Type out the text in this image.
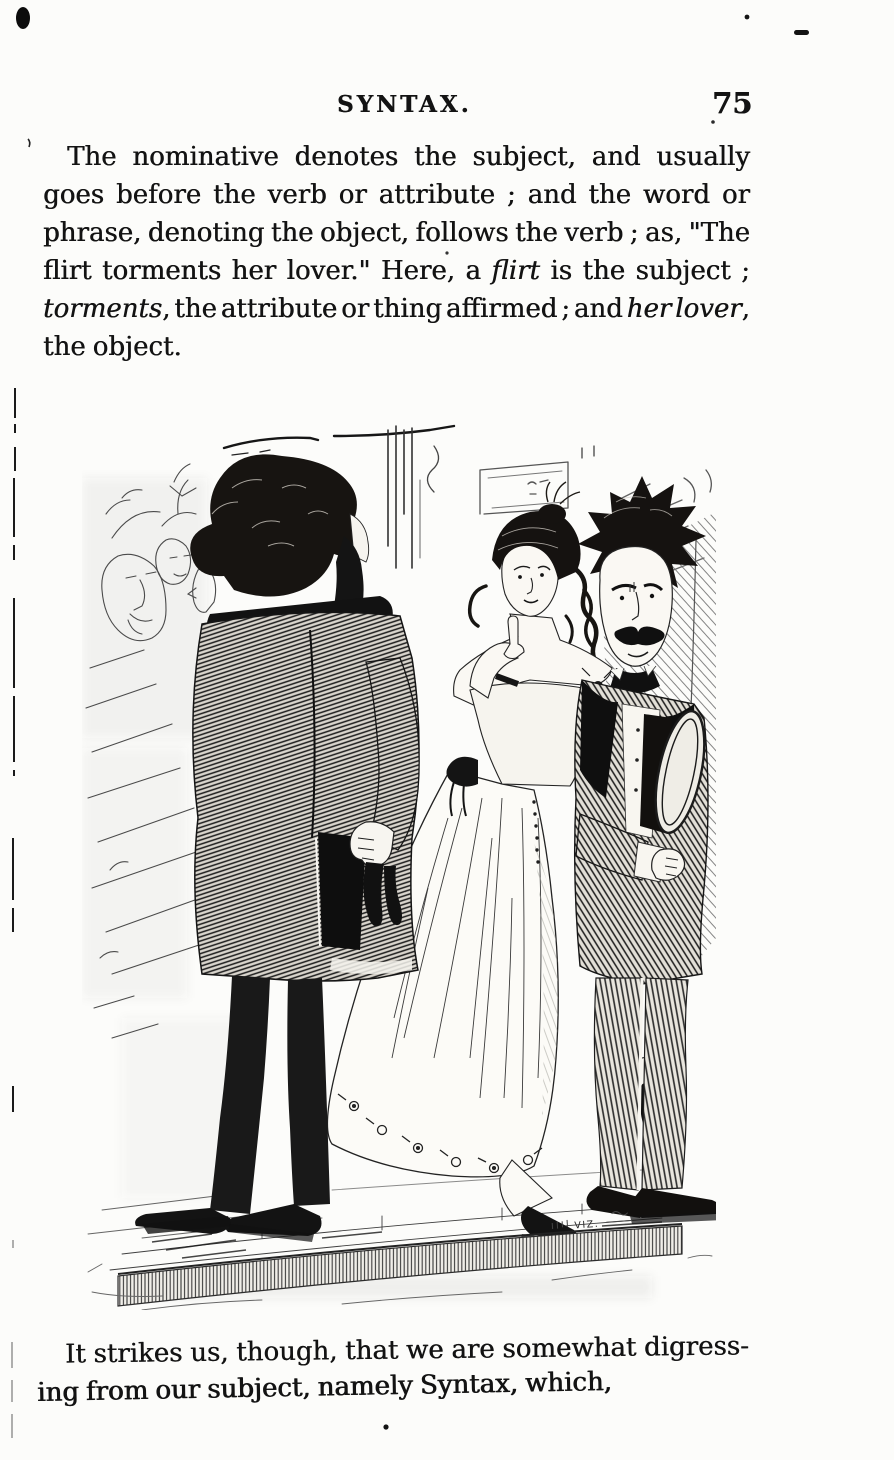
SYNTAX.	75
The nominative denotes the subject, and usually
goes before the verb or attribute ; and the word or
phrase, denoting the object, follows the verb ; as, "The
flirt torments her lover." Here, a flirt is the subject ;
torments, the attribute or thing affirmed ; and her lover,
the object.
It strikes us, though, that we are somewhat digress-
ing from our subject, namely Syntax, which,
VIZ.
